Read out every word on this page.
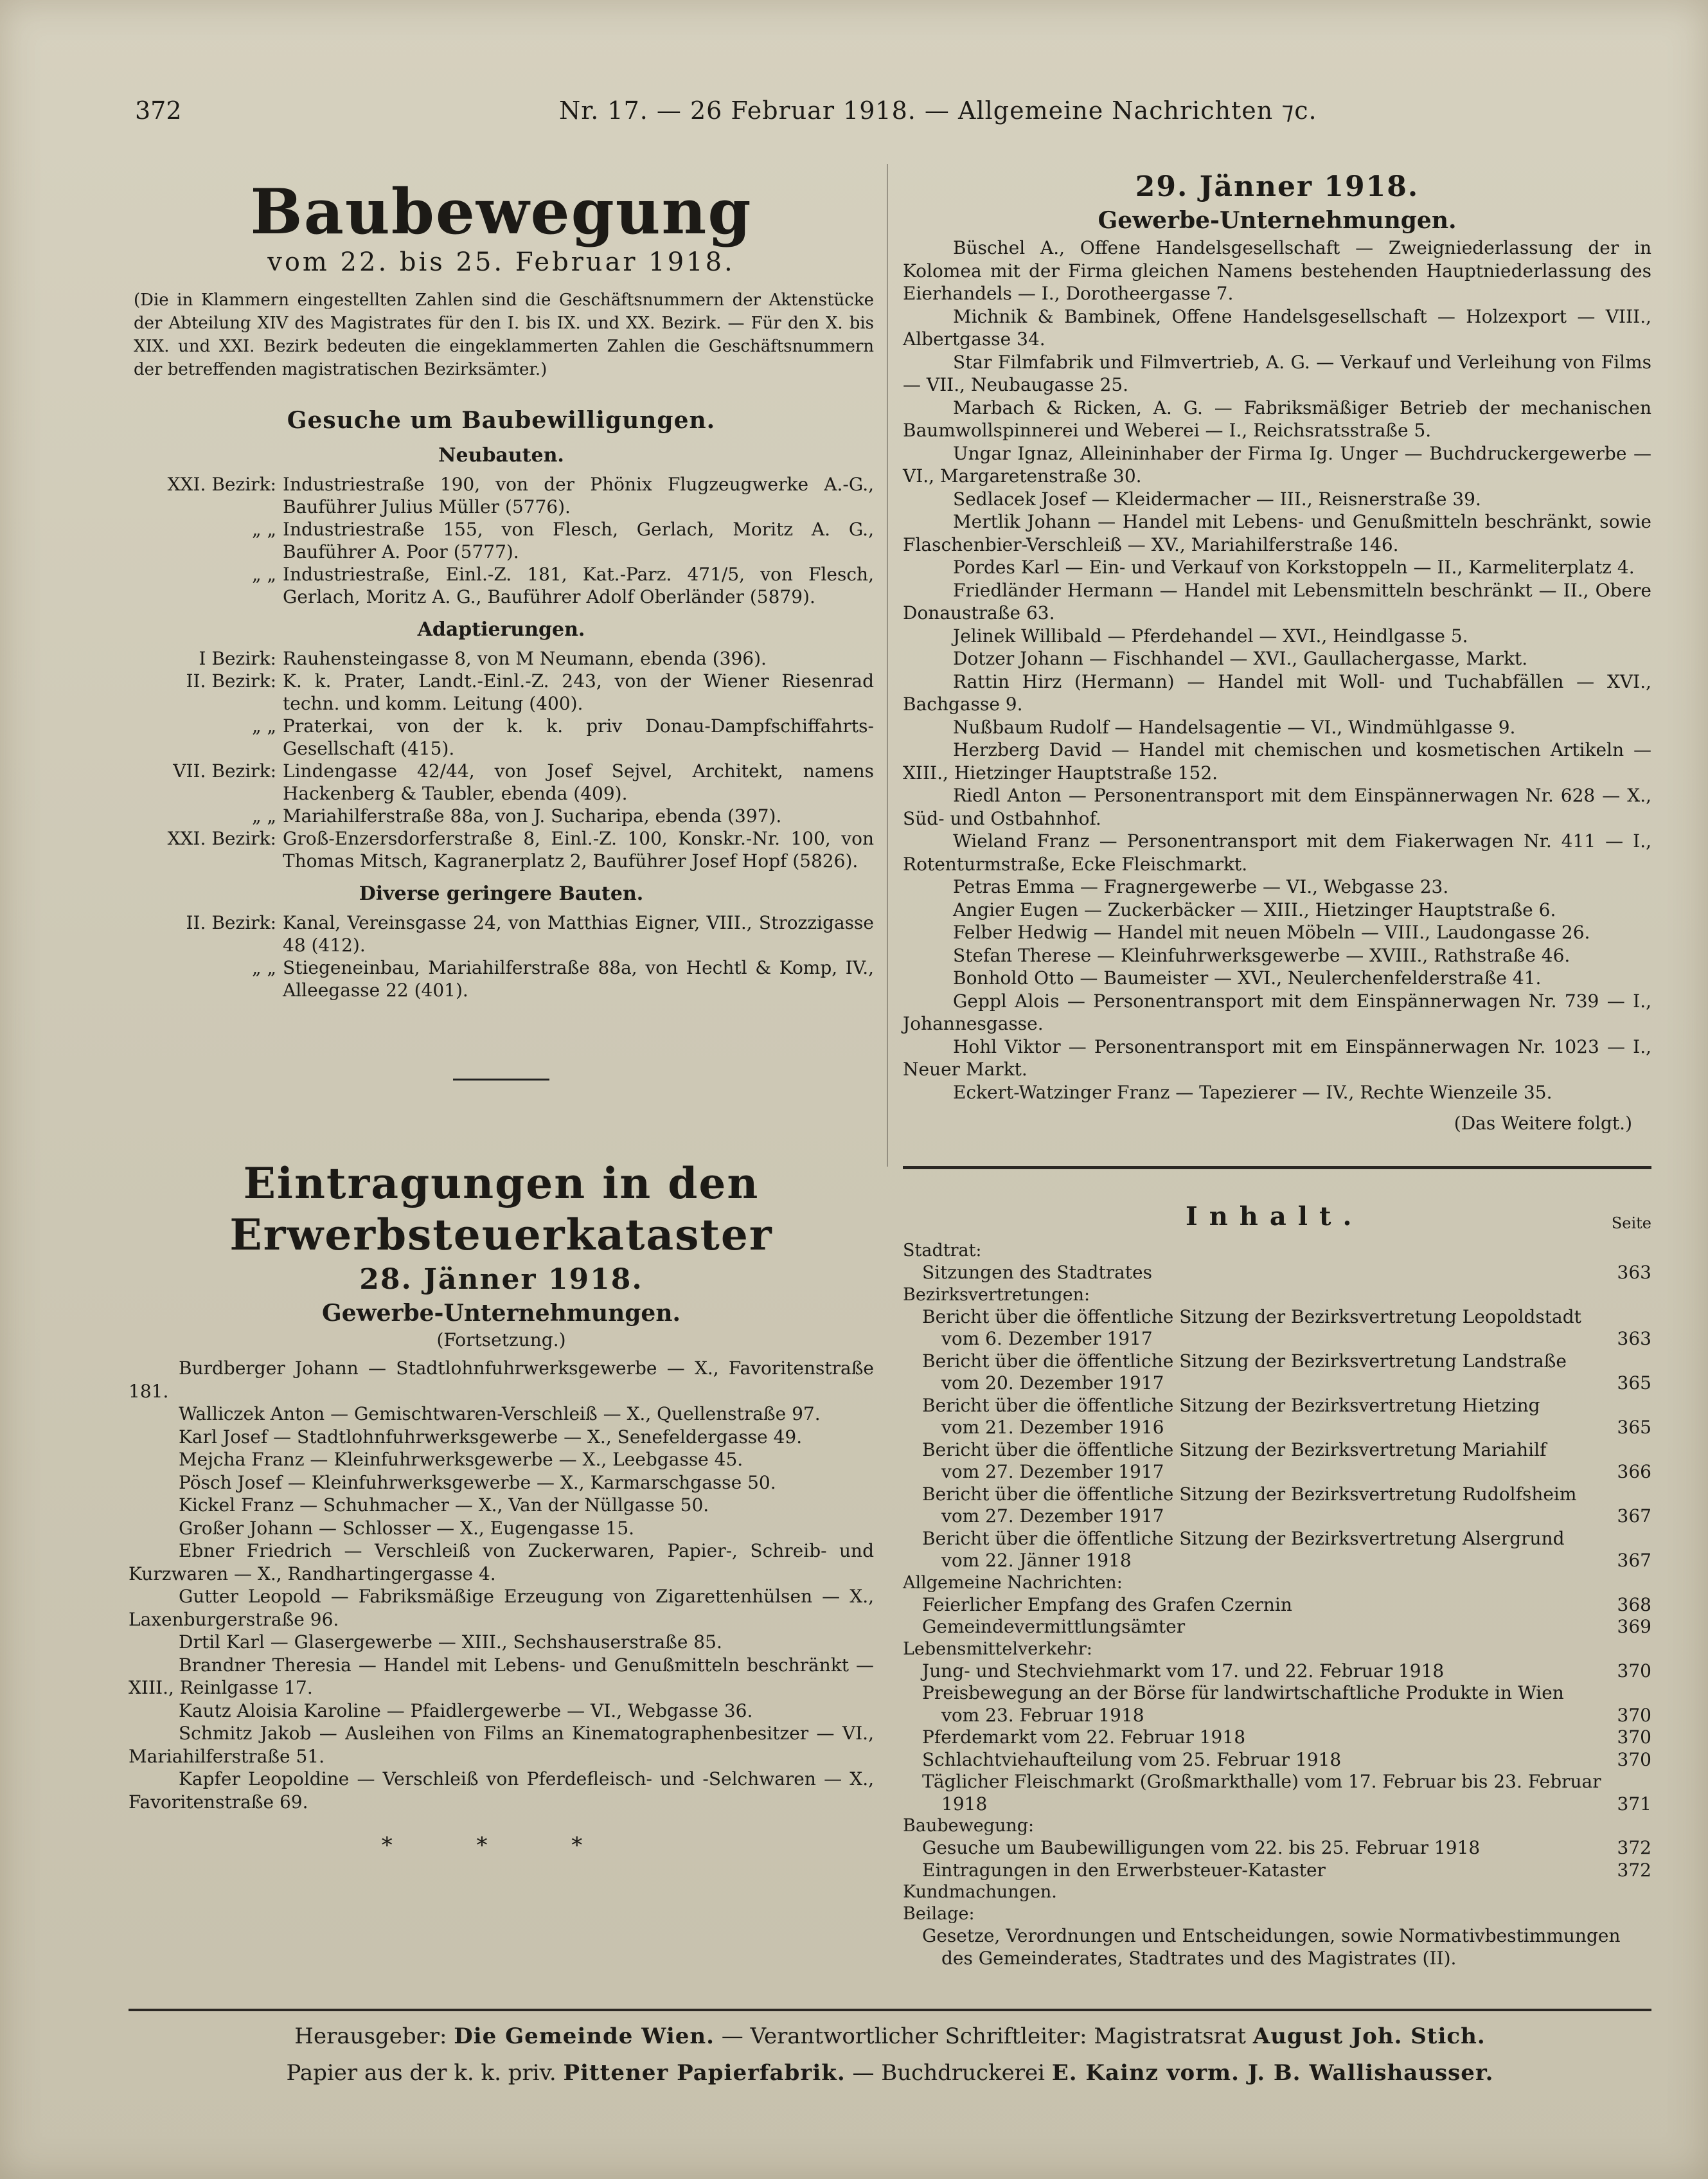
372	Nr. 17. — 26 Februar 1918. — Allgemeine Nachrichten ⁊c.
Baubewegung
vom 22. bis 25. Februar 1918.
(Die in Klammern eingestellten Zahlen sind die Geschäftsnummern der Aktenstücke der Abteilung XIV des Magistrates für den I. bis IX. und XX. Bezirk. — Für den X. bis XIX. und XXI. Bezirk bedeuten die eingeklammerten Zahlen die Geschäftsnummern der betreffenden magistratischen Bezirksämter.)
Gesuche um Baubewilligungen.
Neubauten.
XXI. Bezirk: Industriestraße 190, von der Phönix Flugzeugwerke A.-G., Bauführer Julius Müller (5776).
„ „ Industriestraße 155, von Flesch, Gerlach, Moritz A. G., Bauführer A. Poor (5777).
„ „ Industriestraße, Einl.-Z. 181, Kat.-Parz. 471/5, von Flesch, Gerlach, Moritz A. G., Bauführer Adolf Oberländer (5879).
Adaptierungen.
I Bezirk: Rauhensteingasse 8, von M Neumann, ebenda (396).
II. Bezirk: K. k. Prater, Landt.-Einl.-Z. 243, von der Wiener Riesenrad techn. und komm. Leitung (400).
„ „ Praterkai, von der k. k. priv Donau-Dampfschiffahrts-Gesellschaft (415).
VII. Bezirk: Lindengasse 42/44, von Josef Sejvel, Architekt, namens Hackenberg & Taubler, ebenda (409).
„ „ Mariahilferstraße 88a, von J. Sucharipa, ebenda (397).
XXI. Bezirk: Groß-Enzersdorferstraße 8, Einl.-Z. 100, Konskr.-Nr. 100, von Thomas Mitsch, Kagranerplatz 2, Bauführer Josef Hopf (5826).
Diverse geringere Bauten.
II. Bezirk: Kanal, Vereinsgasse 24, von Matthias Eigner, VIII., Strozzigasse 48 (412).
„ „ Stiegeneinbau, Mariahilferstraße 88a, von Hechtl & Komp, IV., Alleegasse 22 (401).
Eintragungen in den Erwerbsteuerkataster
28. Jänner 1918.
Gewerbe-Unternehmungen.
(Fortsetzung.)

Burdberger Johann — Stadtlohnfuhrwerksgewerbe — X., Favoritenstraße 181.

Walliczek Anton — Gemischtwaren-Verschleiß — X., Quellenstraße 97.

Karl Josef — Stadtlohnfuhrwerksgewerbe — X., Senefeldergasse 49.

Mejcha Franz — Kleinfuhrwerksgewerbe — X., Leebgasse 45.

Pösch Josef — Kleinfuhrwerksgewerbe — X., Karmarschgasse 50.

Kickel Franz — Schuhmacher — X., Van der Nüllgasse 50.

Großer Johann — Schlosser — X., Eugengasse 15.

Ebner Friedrich — Verschleiß von Zuckerwaren, Papier-, Schreib- und Kurzwaren — X., Randhartingergasse 4.

Gutter Leopold — Fabriksmäßige Erzeugung von Zigarettenhülsen — X., Laxenburgerstraße 96.

Drtil Karl — Glasergewerbe — XIII., Sechshauserstraße 85.

Brandner Theresia — Handel mit Lebens- und Genußmitteln beschränkt — XIII., Reinlgasse 17.

Kautz Aloisia Karoline — Pfaidlergewerbe — VI., Webgasse 36.

Schmitz Jakob — Ausleihen von Films an Kinematographenbesitzer — VI., Mariahilferstraße 51.

Kapfer Leopoldine — Verschleiß von Pferdefleisch- und -Selchwaren — X., Favoritenstraße 69.

* * *
29. Jänner 1918.
Gewerbe-Unternehmungen.

Büschel A., Offene Handelsgesellschaft — Zweigniederlassung der in Kolomea mit der Firma gleichen Namens bestehenden Hauptniederlassung des Eierhandels — I., Dorotheergasse 7.

Michnik & Bambinek, Offene Handelsgesellschaft — Holzexport — VIII., Albertgasse 34.

Star Filmfabrik und Filmvertrieb, A. G. — Verkauf und Verleihung von Films — VII., Neubaugasse 25.

Marbach & Ricken, A. G. — Fabriksmäßiger Betrieb der mechanischen Baumwollspinnerei und Weberei — I., Reichsratsstraße 5.

Ungar Ignaz, Alleininhaber der Firma Ig. Unger — Buchdruckergewerbe — VI., Margaretenstraße 30.

Sedlacek Josef — Kleidermacher — III., Reisnerstraße 39.

Mertlik Johann — Handel mit Lebens- und Genußmitteln beschränkt, sowie Flaschenbier-Verschleiß — XV., Mariahilferstraße 146.

Pordes Karl — Ein- und Verkauf von Korkstoppeln — II., Karmeliterplatz 4.

Friedländer Hermann — Handel mit Lebensmitteln beschränkt — II., Obere Donaustraße 63.

Jelinek Willibald — Pferdehandel — XVI., Heindlgasse 5.

Dotzer Johann — Fischhandel — XVI., Gaullachergasse, Markt.

Rattin Hirz (Hermann) — Handel mit Woll- und Tuchabfällen — XVI., Bachgasse 9.

Nußbaum Rudolf — Handelsagentie — VI., Windmühlgasse 9.

Herzberg David — Handel mit chemischen und kosmetischen Artikeln — XIII., Hietzinger Hauptstraße 152.

Riedl Anton — Personentransport mit dem Einspännerwagen Nr. 628 — X., Süd- und Ostbahnhof.

Wieland Franz — Personentransport mit dem Fiakerwagen Nr. 411 — I., Rotenturmstraße, Ecke Fleischmarkt.

Petras Emma — Fragnergewerbe — VI., Webgasse 23.

Angier Eugen — Zuckerbäcker — XIII., Hietzinger Hauptstraße 6.

Felber Hedwig — Handel mit neuen Möbeln — VIII., Laudongasse 26.

Stefan Therese — Kleinfuhrwerksgewerbe — XVIII., Rathstraße 46.

Bonhold Otto — Baumeister — XVI., Neulerchenfelderstraße 41.

Geppl Alois — Personentransport mit dem Einspännerwagen Nr. 739 — I., Johannesgasse.

Hohl Viktor — Personentransport mit em Einspännerwagen Nr. 1023 — I., Neuer Markt.

Eckert-Watzinger Franz — Tapezierer — IV., Rechte Wienzeile 35.

(Das Weitere folgt.)
Inhalt.	Seite
Stadtrat:
Sitzungen des Stadtrates	363
Bezirksvertretungen:
Bericht über die öffentliche Sitzung der Bezirksvertretung Leopoldstadt
vom 6. Dezember 1917	363
Bericht über die öffentliche Sitzung der Bezirksvertretung Landstraße
vom 20. Dezember 1917	365
Bericht über die öffentliche Sitzung der Bezirksvertretung Hietzing
vom 21. Dezember 1916	365
Bericht über die öffentliche Sitzung der Bezirksvertretung Mariahilf
vom 27. Dezember 1917	366
Bericht über die öffentliche Sitzung der Bezirksvertretung Rudolfsheim
vom 27. Dezember 1917	367
Bericht über die öffentliche Sitzung der Bezirksvertretung Alsergrund
vom 22. Jänner 1918	367
Allgemeine Nachrichten:
Feierlicher Empfang des Grafen Czernin	368
Gemeindevermittlungsämter	369
Lebensmittelverkehr:
Jung- und Stechviehmarkt vom 17. und 22. Februar 1918	370
Preisbewegung an der Börse für landwirtschaftliche Produkte in Wien
vom 23. Februar 1918	370
Pferdemarkt vom 22. Februar 1918	370
Schlachtviehaufteilung vom 25. Februar 1918	370
Täglicher Fleischmarkt (Großmarkthalle) vom 17. Februar bis 23. Februar
1918	371
Baubewegung:
Gesuche um Baubewilligungen vom 22. bis 25. Februar 1918	372
Eintragungen in den Erwerbsteuer-Kataster	372
Kundmachungen.
Beilage:
Gesetze, Verordnungen und Entscheidungen, sowie Normativbestimmungen
des Gemeinderates, Stadtrates und des Magistrates (II).
Herausgeber: Die Gemeinde Wien. — Verantwortlicher Schriftleiter: Magistratsrat August Joh. Stich.
Papier aus der k. k. priv. Pittener Papierfabrik. — Buchdruckerei E. Kainz vorm. J. B. Wallishausser.
